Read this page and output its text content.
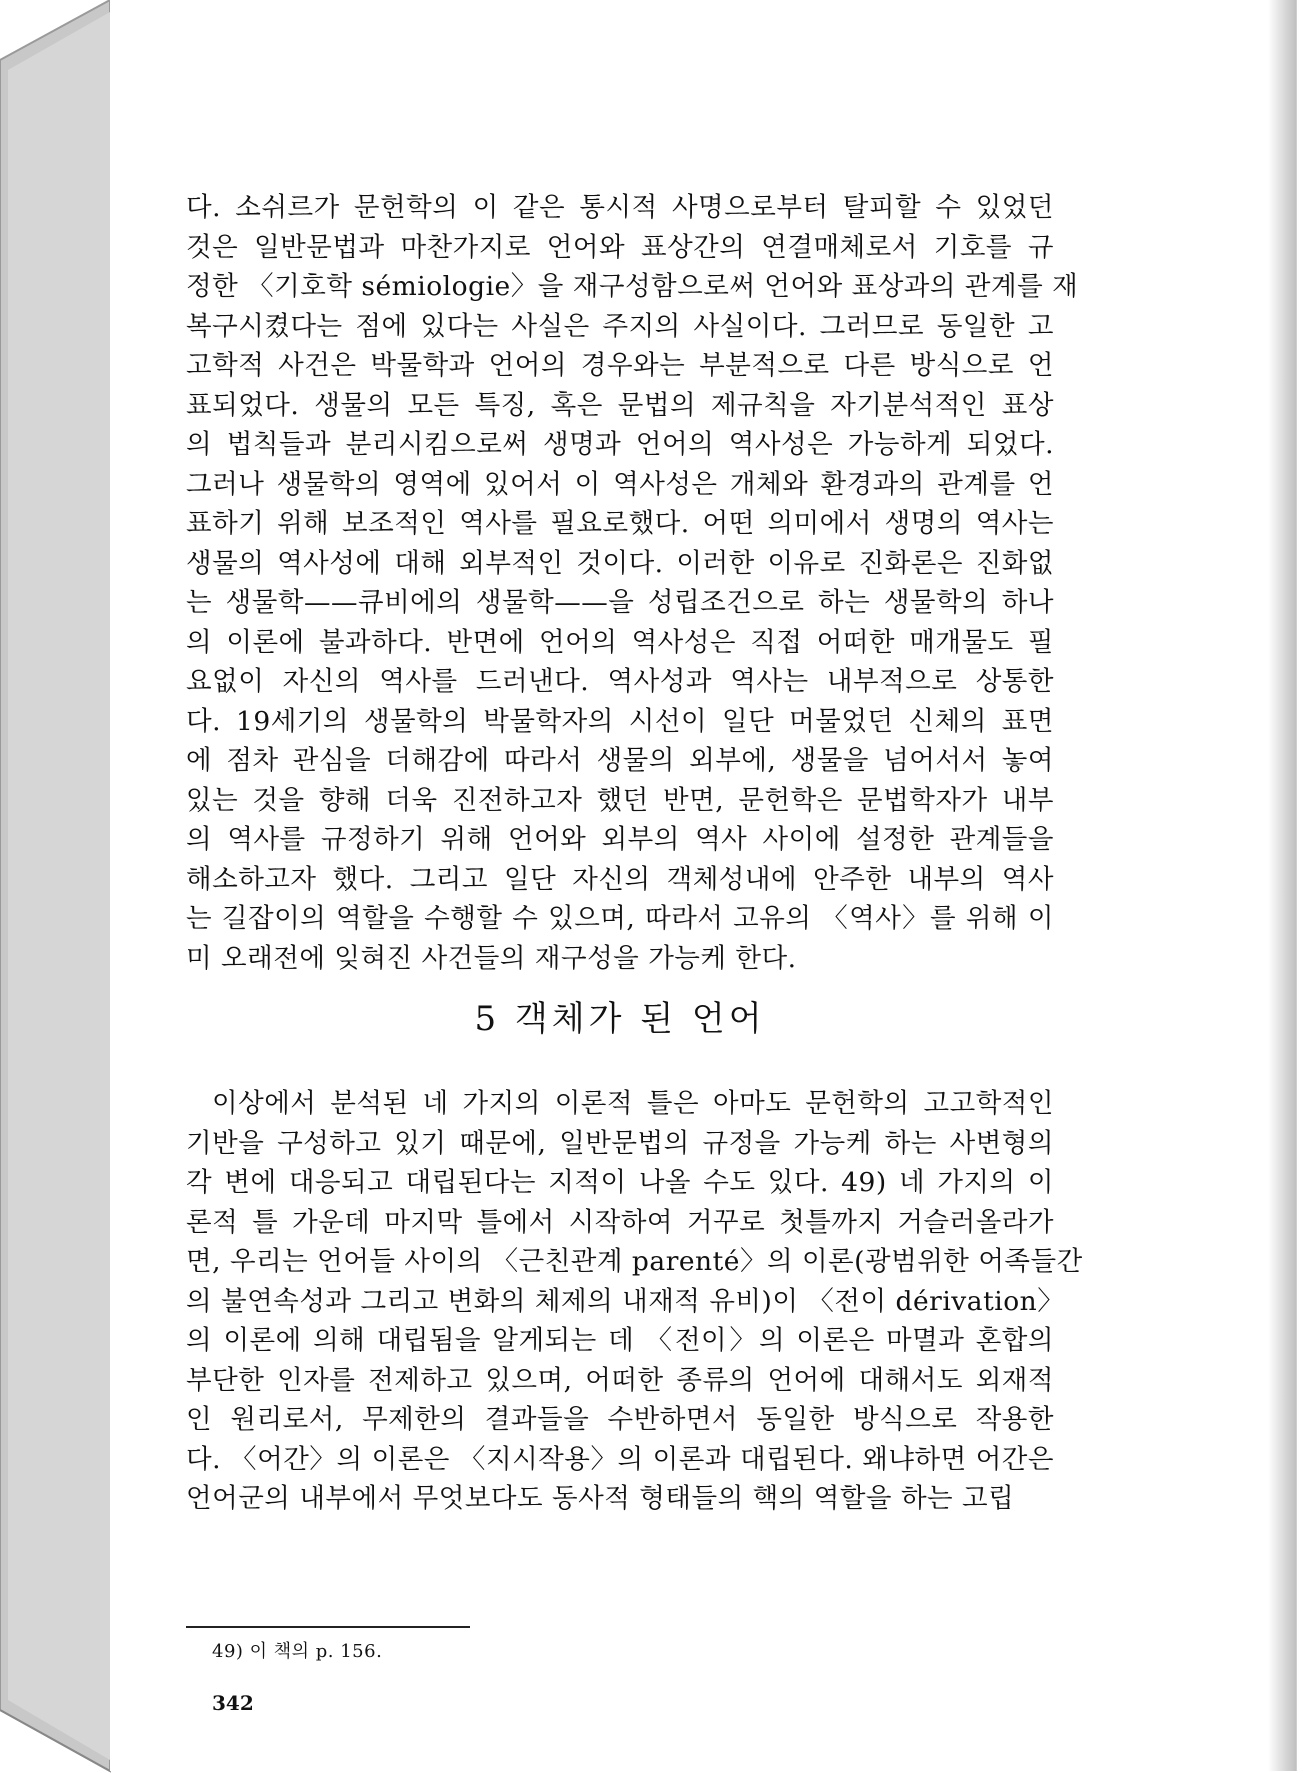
다. 소쉬르가 문헌학의 이 같은 통시적 사명으로부터 탈피할 수 있었던
것은 일반문법과 마찬가지로 언어와 표상간의 연결매체로서 기호를 규
정한 〈기호학 sémiologie〉을 재구성함으로써 언어와 표상과의 관계를 재
복구시켰다는 점에 있다는 사실은 주지의 사실이다. 그러므로 동일한 고
고학적 사건은 박물학과 언어의 경우와는 부분적으로 다른 방식으로 언
표되었다. 생물의 모든 특징, 혹은 문법의 제규칙을 자기분석적인 표상
의 법칙들과 분리시킴으로써 생명과 언어의 역사성은 가능하게 되었다.
그러나 생물학의 영역에 있어서 이 역사성은 개체와 환경과의 관계를 언
표하기 위해 보조적인 역사를 필요로했다. 어떤 의미에서 생명의 역사는
생물의 역사성에 대해 외부적인 것이다. 이러한 이유로 진화론은 진화없
는 생물학——큐비에의 생물학——을 성립조건으로 하는 생물학의 하나
의 이론에 불과하다. 반면에 언어의 역사성은 직접 어떠한 매개물도 필
요없이 자신의 역사를 드러낸다. 역사성과 역사는 내부적으로 상통한
다. 19세기의 생물학의 박물학자의 시선이 일단 머물었던 신체의 표면
에 점차 관심을 더해감에 따라서 생물의 외부에, 생물을 넘어서서 놓여
있는 것을 향해 더욱 진전하고자 했던 반면, 문헌학은 문법학자가 내부
의 역사를 규정하기 위해 언어와 외부의 역사 사이에 설정한 관계들을
해소하고자 했다. 그리고 일단 자신의 객체성내에 안주한 내부의 역사
는 길잡이의 역할을 수행할 수 있으며, 따라서 고유의 〈역사〉를 위해 이
미 오래전에 잊혀진 사건들의 재구성을 가능케 한다.
5 객체가 된 언어
이상에서 분석된 네 가지의 이론적 틀은 아마도 문헌학의 고고학적인
기반을 구성하고 있기 때문에, 일반문법의 규정을 가능케 하는 사변형의
각 변에 대응되고 대립된다는 지적이 나올 수도 있다. 49) 네 가지의 이
론적 틀 가운데 마지막 틀에서 시작하여 거꾸로 첫틀까지 거슬러올라가
면, 우리는 언어들 사이의 〈근친관계 parenté〉의 이론(광범위한 어족들간
의 불연속성과 그리고 변화의 체제의 내재적 유비)이 〈전이 dérivation〉
의 이론에 의해 대립됨을 알게되는 데 〈전이〉의 이론은 마멸과 혼합의
부단한 인자를 전제하고 있으며, 어떠한 종류의 언어에 대해서도 외재적
인 원리로서, 무제한의 결과들을 수반하면서 동일한 방식으로 작용한
다. 〈어간〉의 이론은 〈지시작용〉의 이론과 대립된다. 왜냐하면 어간은
언어군의 내부에서 무엇보다도 동사적 형태들의 핵의 역할을 하는 고립
49) 이 책의 p. 156.
342
